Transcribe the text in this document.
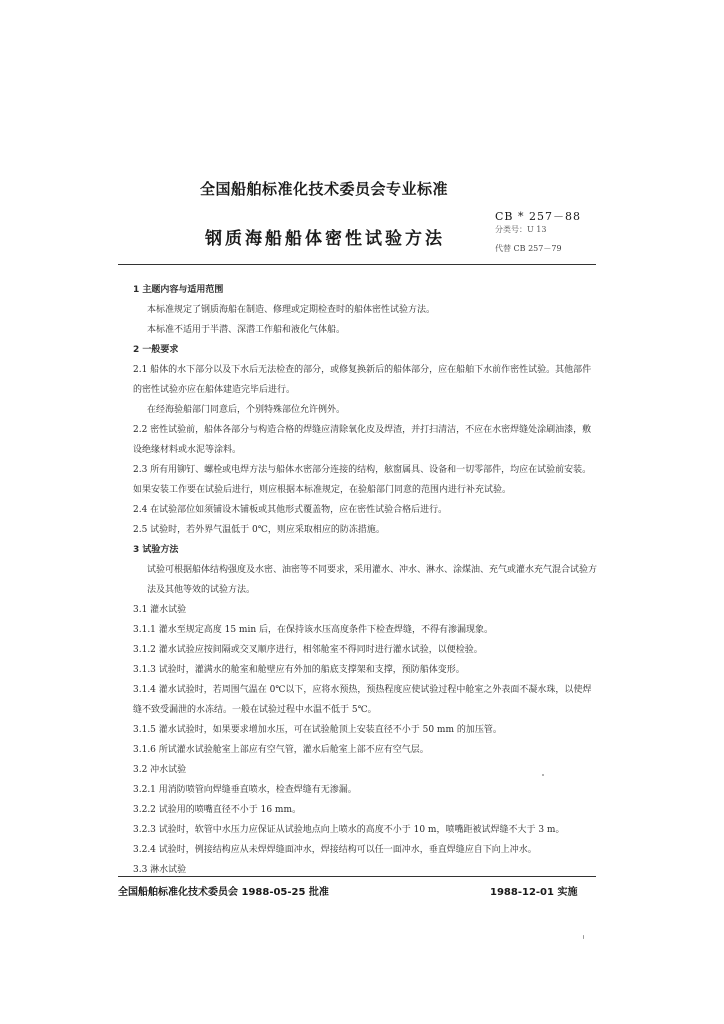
全国船舶标准化技术委员会专业标准
钢质海船船体密性试验方法
CB * 257－88
分类号：U 13
代替 CB 257－79

1 主题内容与适用范围

本标准规定了钢质海船在制造、修理或定期检查时的船体密性试验方法。

本标准不适用于半潜、深潜工作船和液化气体船。

2 一般要求

2.1 船体的水下部分以及下水后无法检查的部分，或修复换新后的船体部分，应在船舶下水前作密性试验。其他部件的密性试验亦应在船体建造完毕后进行。

在经海验船部门同意后，个别特殊部位允许例外。

2.2 密性试验前，船体各部分与构造合格的焊缝应清除氧化皮及焊渣，并打扫清洁，不应在水密焊缝处涂刷油漆，敷设绝缘材料或水泥等涂料。

2.3 所有用铆钉、螺栓或电焊方法与船体水密部分连接的结构，舷窗属具、设备和一切零部件，均应在试验前安装。如果安装工作要在试验后进行，则应根据本标准规定，在验船部门同意的范围内进行补充试验。

2.4 在试验部位如须铺设木铺板或其他形式覆盖物，应在密性试验合格后进行。

2.5 试验时，若外界气温低于 0℃，则应采取相应的防冻措施。

3 试验方法

试验可根据船体结构强度及水密、油密等不同要求，采用灌水、冲水、淋水、涂煤油、充气或灌水充气混合试验方法及其他等效的试验方法。

3.1 灌水试验

3.1.1 灌水至规定高度 15 min 后，在保持该水压高度条件下检查焊缝，不得有渗漏现象。

3.1.2 灌水试验应按间隔或交叉顺序进行，相邻舱室不得同时进行灌水试验，以便检验。

3.1.3 试验时，灌满水的舱室和舱壁应有外加的船底支撑架和支撑，预防船体变形。

3.1.4 灌水试验时，若周围气温在 0℃以下，应将水预热，预热程度应使试验过程中舱室之外表面不凝水珠，以使焊缝不致受漏泄的水冻结。一般在试验过程中水温不低于 5℃。

3.1.5 灌水试验时，如果要求增加水压，可在试验舱顶上安装直径不小于 50 mm 的加压管。

3.1.6 所试灌水试验舱室上部应有空气管，灌水后舱室上部不应有空气层。

3.2 冲水试验

3.2.1 用消防喷管向焊缝垂直喷水，检查焊缝有无渗漏。

3.2.2 试验用的喷嘴直径不小于 16 mm。

3.2.3 试验时，软管中水压力应保证从试验地点向上喷水的高度不小于 10 m，喷嘴距被试焊缝不大于 3 m。

3.2.4 试验时，例接结构应从未焊焊缝面冲水，焊接结构可以任一面冲水，垂直焊缝应自下向上冲水。

3.3 淋水试验

全国船舶标准化技术委员会 1988-05-25 批准	1988-12-01 实施
